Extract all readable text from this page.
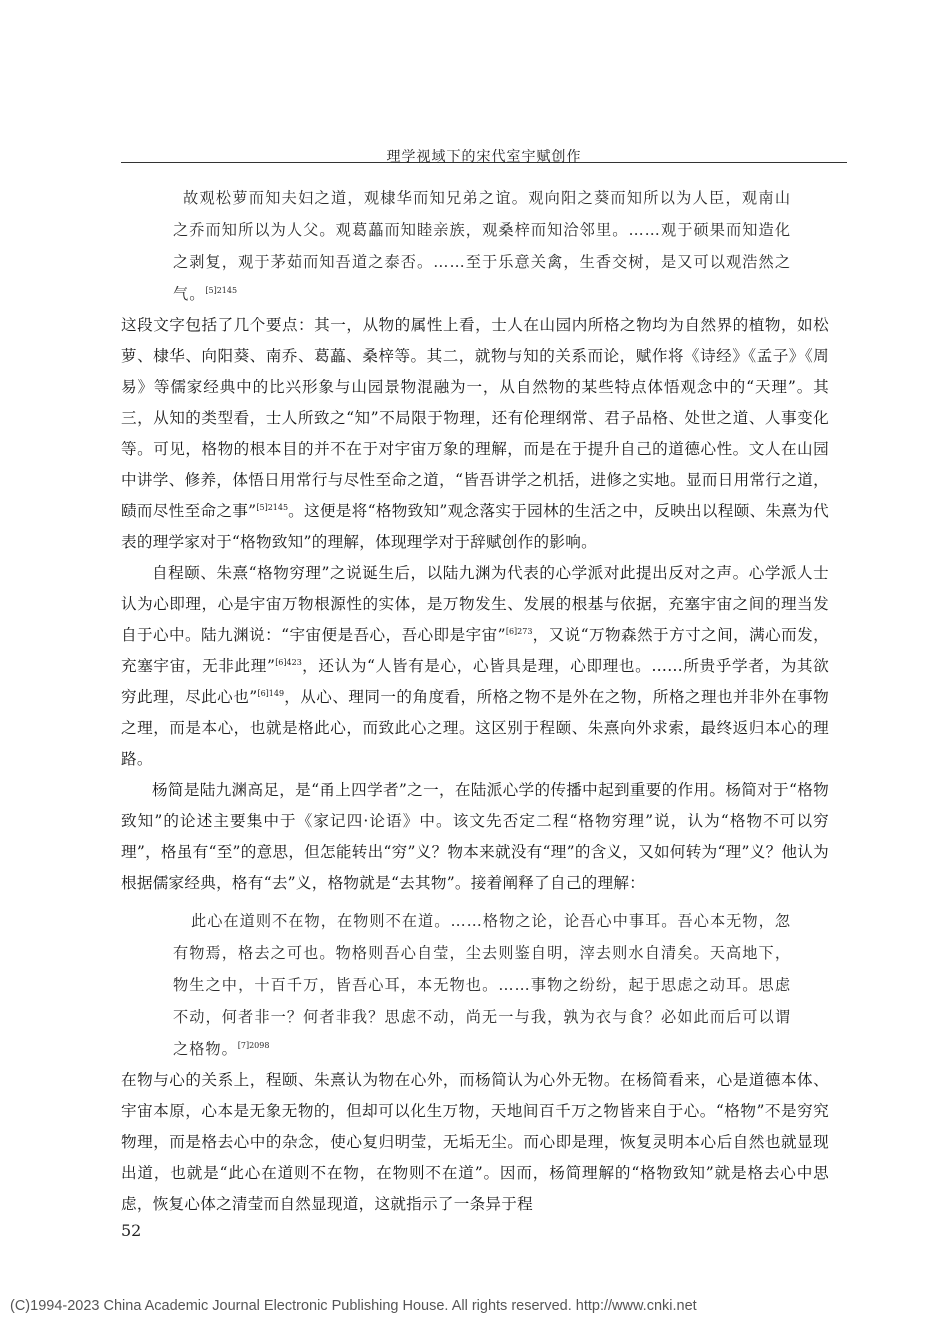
理学视域下的宋代室宇赋创作

故观松萝而知夫妇之道，观棣华而知兄弟之谊。观向阳之葵而知所以为人臣，观南山之乔而知所以为人父。观葛藟而知睦亲族，观桑梓而知洽邻里。……观于硕果而知造化之剥复，观于茅茹而知吾道之泰否。……至于乐意关禽，生香交树，是又可以观浩然之气。$^{[5]2145}$

这段文字包括了几个要点：其一，从物的属性上看，士人在山园内所格之物均为自然界的植物，如松萝、棣华、向阳葵、南乔、葛藟、桑梓等。其二，就物与知的关系而论，赋作将《诗经》《孟子》《周易》等儒家经典中的比兴形象与山园景物混融为一，从自然物的某些特点体悟观念中的“天理”。其三，从知的类型看，士人所致之“知”不局限于物理，还有伦理纲常、君子品格、处世之道、人事变化等。可见，格物的根本目的并不在于对宇宙万象的理解，而是在于提升自己的道德心性。文人在山园中讲学、修养，体悟日用常行与尽性至命之道，“皆吾讲学之机括，进修之实地。显而日用常行之道，赜而尽性至命之事”$^{[5]2145}$。这便是将“格物致知”观念落实于园林的生活之中，反映出以程颐、朱熹为代表的理学家对于“格物致知”的理解，体现理学对于辞赋创作的影响。

自程颐、朱熹“格物穷理”之说诞生后，以陆九渊为代表的心学派对此提出反对之声。心学派人士认为心即理，心是宇宙万物根源性的实体，是万物发生、发展的根基与依据，充塞宇宙之间的理当发自于心中。陆九渊说：“宇宙便是吾心，吾心即是宇宙”$^{[6]273}$，又说“万物森然于方寸之间，满心而发，充塞宇宙，无非此理”$^{[6]423}$，还认为“人皆有是心，心皆具是理，心即理也。……所贵乎学者，为其欲穷此理，尽此心也”$^{[6]149}$，从心、理同一的角度看，所格之物不是外在之物，所格之理也并非外在事物之理，而是本心，也就是格此心，而致此心之理。这区别于程颐、朱熹向外求索，最终返归本心的理路。

杨简是陆九渊高足，是“甬上四学者”之一，在陆派心学的传播中起到重要的作用。杨简对于“格物致知”的论述主要集中于《家记四·论语》中。该文先否定二程“格物穷理”说，认为“格物不可以穷理”，格虽有“至”的意思，但怎能转出“穷”义？物本来就没有“理”的含义，又如何转为“理”义？他认为根据儒家经典，格有“去”义，格物就是“去其物”。接着阐释了自己的理解：

此心在道则不在物，在物则不在道。……格物之论，论吾心中事耳。吾心本无物，忽有物焉，格去之可也。物格则吾心自莹，尘去则鉴自明，滓去则水自清矣。天高地下，物生之中，十百千万，皆吾心耳，本无物也。……事物之纷纷，起于思虑之动耳。思虑不动，何者非一？何者非我？思虑不动，尚无一与我，孰为衣与食？必如此而后可以谓之格物。$^{[7]2098}$

在物与心的关系上，程颐、朱熹认为物在心外，而杨简认为心外无物。在杨简看来，心是道德本体、宇宙本原，心本是无象无物的，但却可以化生万物，天地间百千万之物皆来自于心。“格物”不是穷究物理，而是格去心中的杂念，使心复归明莹，无垢无尘。而心即是理，恢复灵明本心后自然也就显现出道，也就是“此心在道则不在物，在物则不在道”。因而，杨简理解的“格物致知”就是格去心中思虑，恢复心体之清莹而自然显现道，这就指示了一条异于程

52
(C)1994-2023 China Academic Journal Electronic Publishing House. All rights reserved. http://www.cnki.net
